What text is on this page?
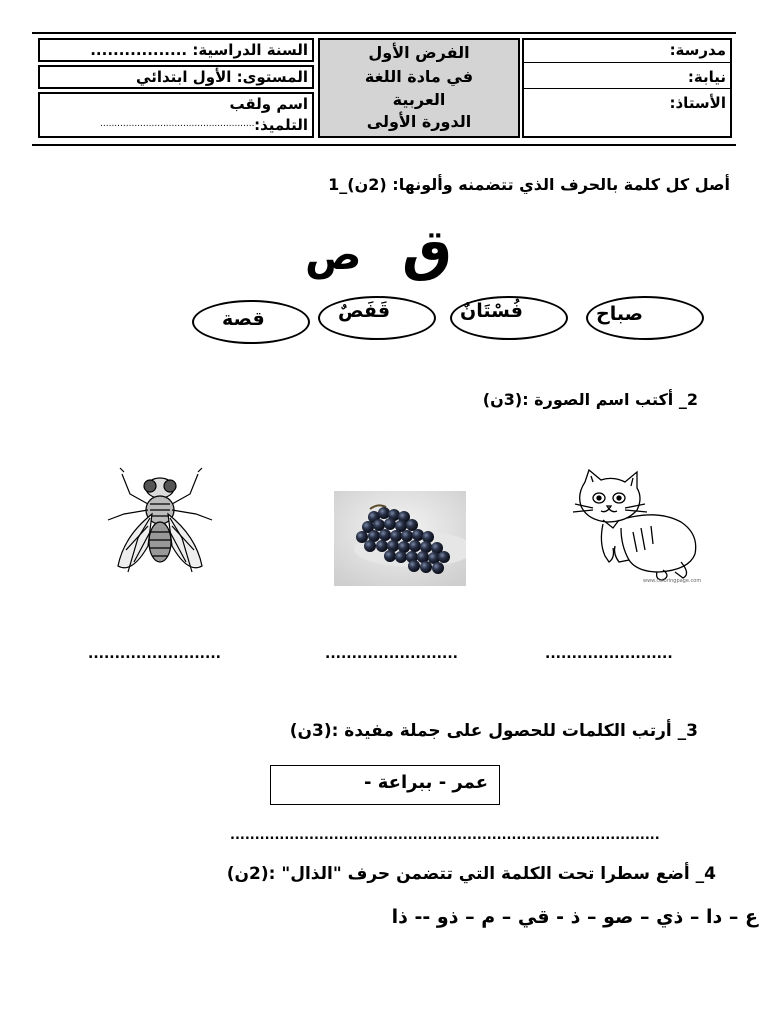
مدرسة:
نيابة:
الأستاذ:
الفرض الأول
في مادة اللغة
العربية
الدورة الأولى
السنة الدراسية: .................
المستوى: الأول ابتدائي
اسم ولقب
التلميذ:
......................................................
أصل كل كلمة بالحرف الذي تتضمنه وألونها: (2ن)_1
ق
ص
صباح
فُسْتَانٌ
قَفَصٌ
قصة
2_ أكتب اسم الصورة :(3ن)
www.coloringpage.com
........................
.........................
.........................
3_ أرتب الكلمات للحصول على جملة مفيدة :(3ن)
عمر - ببراعة -
.......................................................................................
4_ أضع سطرا تحت الكلمة التي تتضمن حرف "الذال" :(2ن)
ع – دا – ذي – صو – ذ - قي – م – ذو -- ذا
